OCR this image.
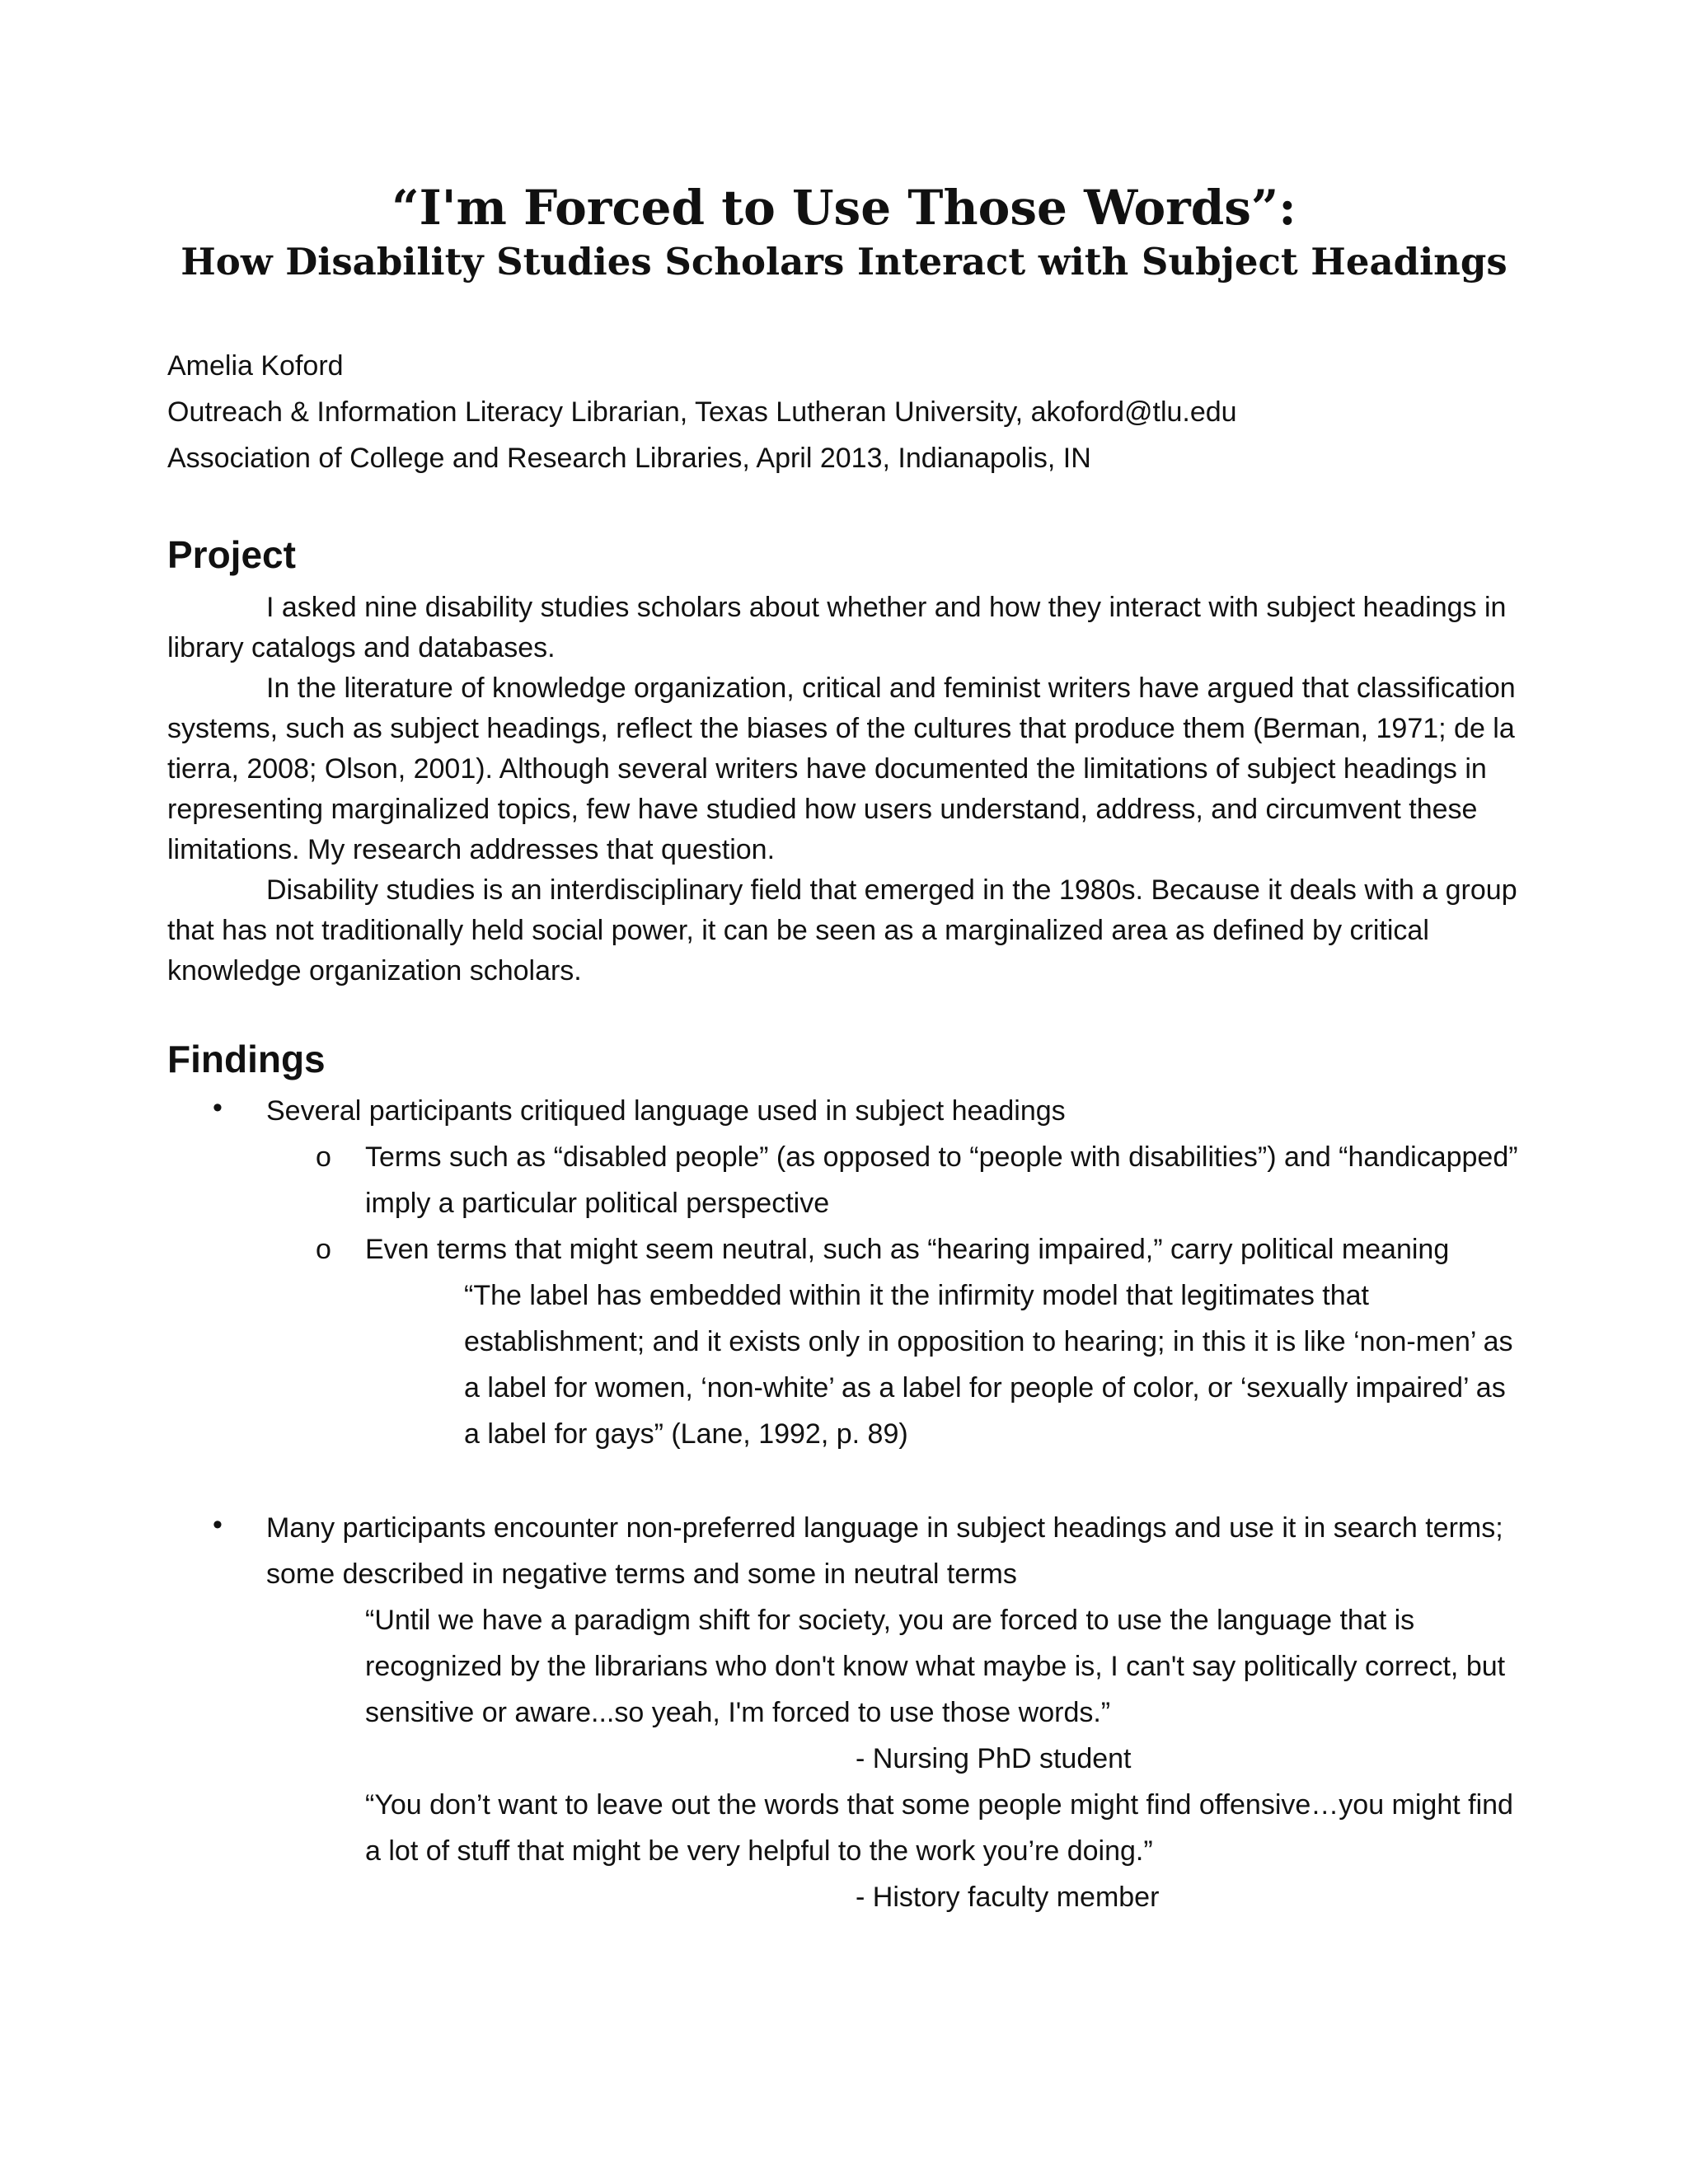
“I'm Forced to Use Those Words”:
How Disability Studies Scholars Interact with Subject Headings
Amelia Koford
Outreach & Information Literacy Librarian, Texas Lutheran University, akoford@tlu.edu
Association of College and Research Libraries, April 2013, Indianapolis, IN
Project

I asked nine disability studies scholars about whether and how they interact with subject headings in library catalogs and databases.

In the literature of knowledge organization, critical and feminist writers have argued that classification systems, such as subject headings, reflect the biases of the cultures that produce them (Berman, 1971; de la tierra, 2008; Olson, 2001). Although several writers have documented the limitations of subject headings in representing marginalized topics, few have studied how users understand, address, and circumvent these limitations. My research addresses that question.

Disability studies is an interdisciplinary field that emerged in the 1980s. Because it deals with a group that has not traditionally held social power, it can be seen as a marginalized area as defined by critical knowledge organization scholars.

Findings
• Several participants critiqued language used in subject headings
o Terms such as “disabled people” (as opposed to “people with disabilities”) and “handicapped” imply a particular political perspective
o Even terms that might seem neutral, such as “hearing impaired,” carry political meaning
“The label has embedded within it the infirmity model that legitimates that establishment; and it exists only in opposition to hearing; in this it is like ‘non-men’ as a label for women, ‘non-white’ as a label for people of color, or ‘sexually impaired’ as a label for gays” (Lane, 1992, p. 89)
• Many participants encounter non-preferred language in subject headings and use it in search terms; some described in negative terms and some in neutral terms
“Until we have a paradigm shift for society, you are forced to use the language that is recognized by the librarians who don't know what maybe is, I can't say politically correct, but sensitive or aware...so yeah, I'm forced to use those words.”
- Nursing PhD student
“You don’t want to leave out the words that some people might find offensive…you might find a lot of stuff that might be very helpful to the work you’re doing.”
- History faculty member
